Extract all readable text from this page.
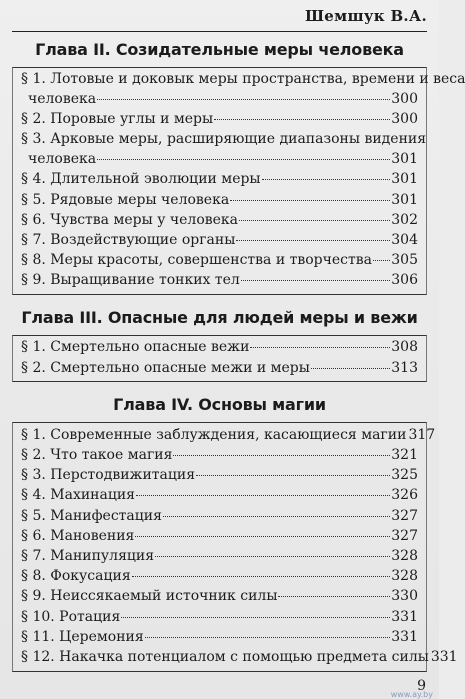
Шемшук В.А.
Глава II. Созидательные меры человека
§ 1. Лотовые и доковык меры пространства, времени и веса
человека	300
§ 2. Поровые углы и меры	300
§ 3. Арковые меры, расширяющие диапазоны видения
человека	301
§ 4. Длительной эволюции меры	301
§ 5. Рядовые меры человека	301
§ 6. Чувства меры у человека	302
§ 7. Воздействующие органы	304
§ 8. Меры красоты, совершенства и творчества 305
§ 9. Выращивание тонких тел	306
Глава III. Опасные для людей меры и вежи
§ 1. Смертельно опасные вежи	308
§ 2. Смертельно опасные межи и меры	313
Глава IV. Основы магии
§ 1. Современные заблуждения, касающиеся магии 317
§ 2. Что такое магия	321
§ 3. Перстодвижитация	325
§ 4. Махинация	326
§ 5. Манифестация	327
§ 6. Мановения	327
§ 7. Манипуляция	328
§ 8. Фокусация	328
§ 9. Неиссякаемый источник силы	330
§ 10. Ротация	331
§ 11. Церемония	331
§ 12. Накачка потенциалом с помощью предмета силы 331
9
www.ay.by
